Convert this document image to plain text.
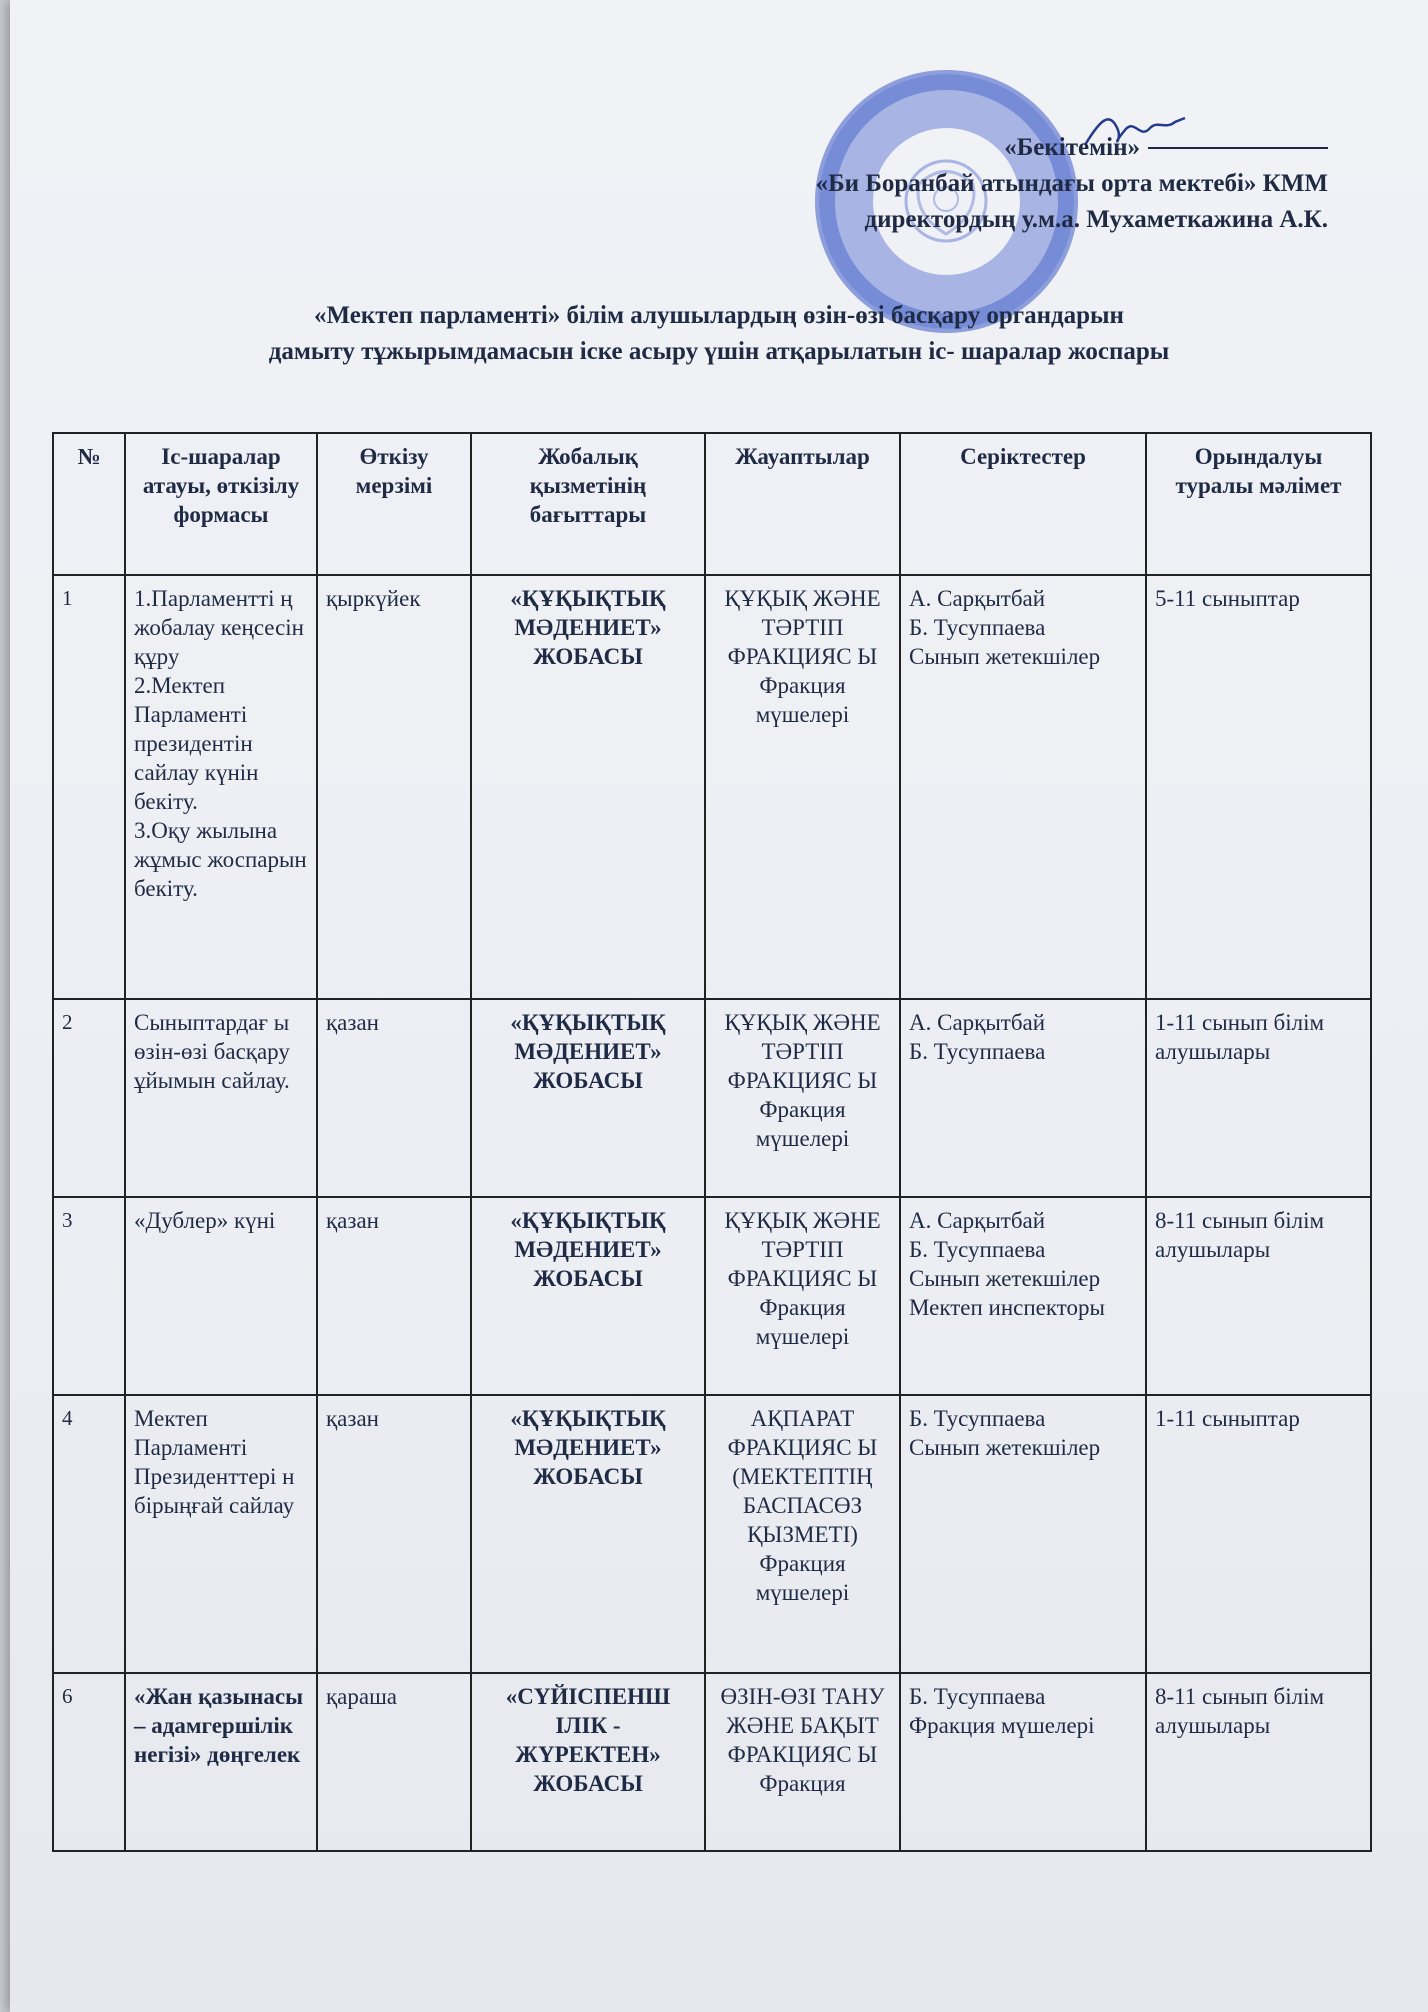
«Бекітемін»
«Би Боранбай атындағы орта мектебі» КММ
директордың у.м.а. Мухаметкажина А.К.
«Мектеп парламенті» білім алушылардың өзін-өзі басқару органдарын
дамыту тұжырымдамасын іске асыру үшін атқарылатын іс- шаралар жоспары
№	Іс-шаралар атауы, өткізілу формасы	Өткізу мерзімі	Жобалық қызметінің бағыттары	Жауаптылар	Серіктестер	Орындалуы туралы мәлімет
1	1.Парламентті ң жобалау кеңсесін құру
2.Мектеп Парламенті президентін сайлау күнін бекіту.
3.Оқу жылына жұмыс жоспарын бекіту.	қыркүйек	«ҚҰҚЫҚТЫҚ МӘДЕНИЕТ» ЖОБАСЫ	ҚҰҚЫҚ ЖӘНЕ ТӘРТІП ФРАКЦИЯС Ы Фракция мүшелері	А. Сарқытбай
Б. Тусуппаева
Сынып жетекшілер	5-11 сыныптар
2	Сыныптардағ ы өзін-өзі басқару ұйымын сайлау.	қазан	«ҚҰҚЫҚТЫҚ МӘДЕНИЕТ» ЖОБАСЫ	ҚҰҚЫҚ ЖӘНЕ ТӘРТІП ФРАКЦИЯС Ы Фракция мүшелері	А. Сарқытбай
Б. Тусуппаева	1-11 сынып білім алушылары
3	«Дублер» күні	қазан	«ҚҰҚЫҚТЫҚ МӘДЕНИЕТ» ЖОБАСЫ	ҚҰҚЫҚ ЖӘНЕ ТӘРТІП ФРАКЦИЯС Ы Фракция мүшелері	А. Сарқытбай
Б. Тусуппаева
Сынып жетекшілер
Мектеп инспекторы	8-11 сынып білім алушылары
4	Мектеп Парламенті Президенттері н бірыңғай сайлау	қазан	«ҚҰҚЫҚТЫҚ МӘДЕНИЕТ» ЖОБАСЫ	АҚПАРАТ ФРАКЦИЯС Ы (МЕКТЕПТІҢ БАСПАСӨЗ ҚЫЗМЕТІ) Фракция мүшелері	Б. Тусуппаева
Сынып жетекшілер	1-11 сыныптар
6	«Жан қазынасы – адамгершілік негізі» дөңгелек	қараша	«СҮЙІСПЕНШ ІЛІК - ЖҮРЕКТЕН» ЖОБАСЫ	ӨЗІН-ӨЗІ ТАНУ ЖӘНЕ БАҚЫТ ФРАКЦИЯС Ы Фракция	Б. Тусуппаева
Фракция мүшелері	8-11 сынып білім алушылары
